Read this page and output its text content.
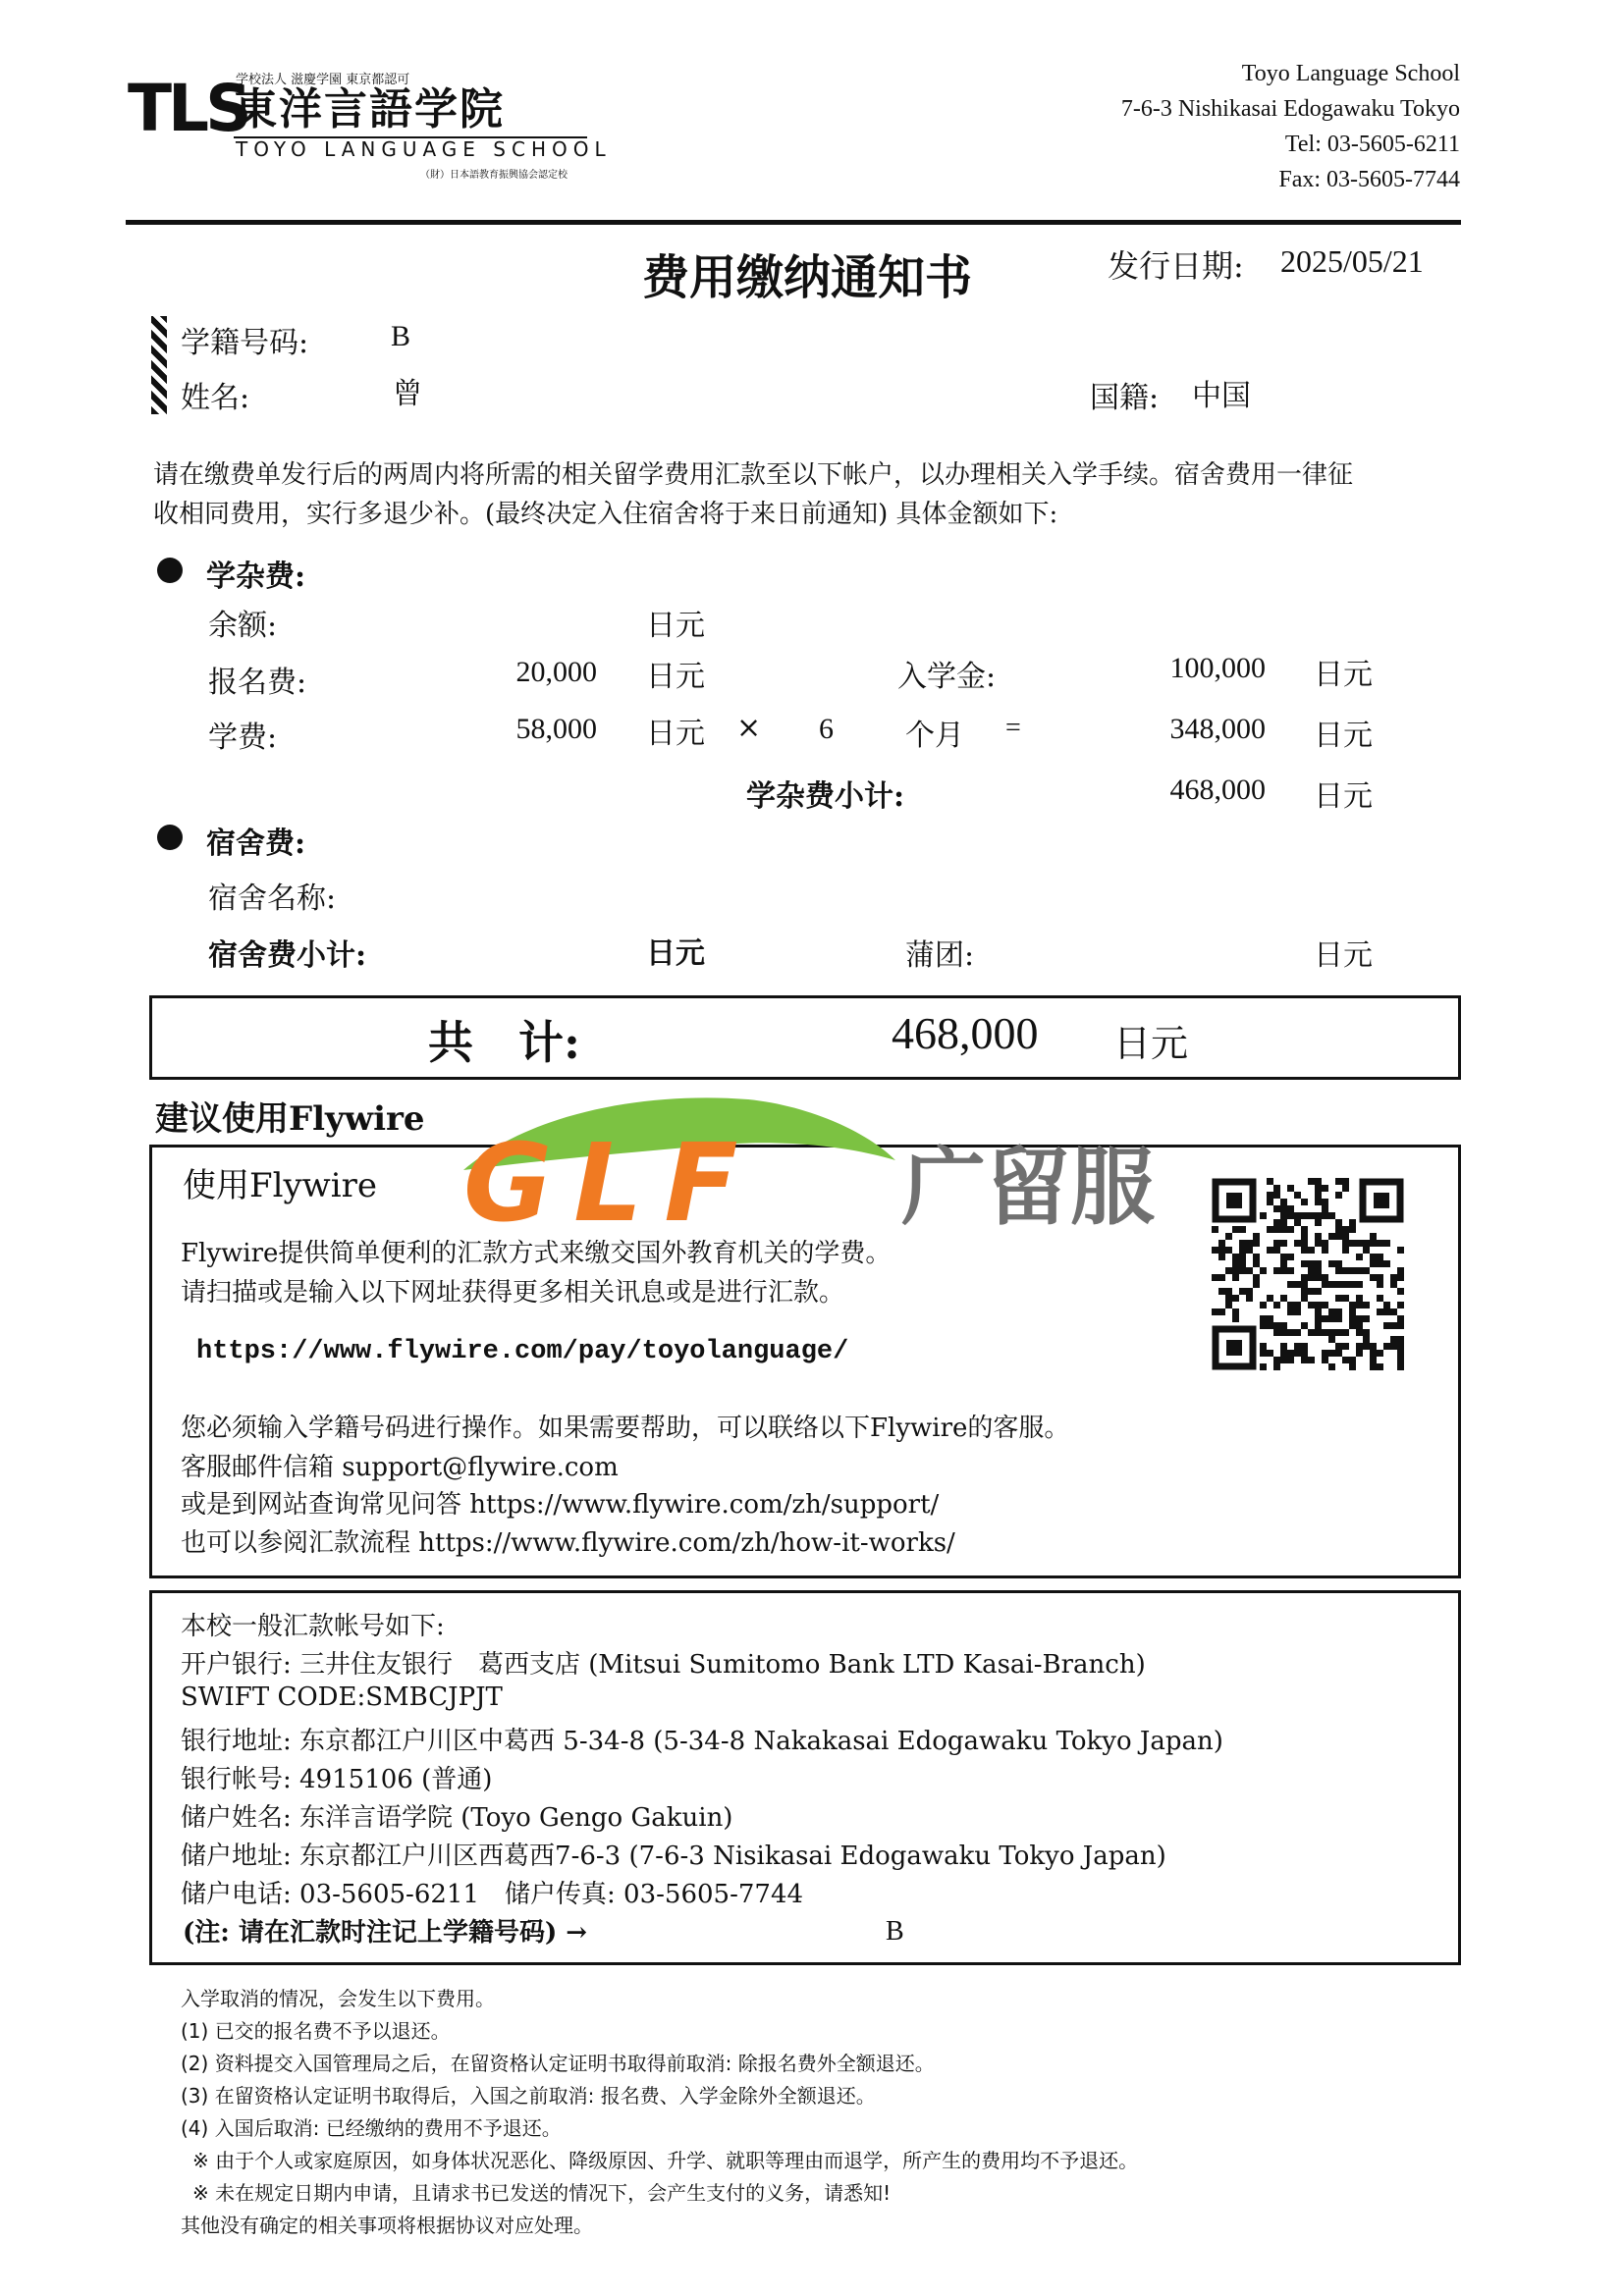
TLS
学校法人 滋慶学園 東京都認可
東洋言語学院
TOYO LANGUAGE SCHOOL
（財）日本語教育振興協会認定校
Toyo Language School
7-6-3 Nishikasai Edogawaku Tokyo
Tel: 03-5605-6211
Fax: 03-5605-7744
费用缴纳通知书	发行日期: 2025/05/21
学籍号码:	B
姓名:	曾	国籍: 中国
请在缴费单发行后的两周内将所需的相关留学费用汇款至以下帐户，以办理相关入学手续。宿舍费用一律征
收相同费用，实行多退少补。(最终决定入住宿舍将于来日前通知) 具体金额如下:
学杂费:
余额:	日元
报名费:	20,000 日元	入学金:	100,000 日元
学费:	58,000 日元 × 6 个月 =	348,000 日元
学杂费小计:	468,000 日元
宿舍费:
宿舍名称:
宿舍费小计:	日元	蒲团:	日元
共　计:	468,000 日元
建议使用Flywire
使用Flywire
Flywire提供简单便利的汇款方式来缴交国外教育机关的学费。
请扫描或是输入以下网址获得更多相关讯息或是进行汇款。
https://www.flywire.com/pay/toyolanguage/
您必须输入学籍号码进行操作。如果需要帮助，可以联络以下Flywire的客服。
客服邮件信箱 support@flywire.com
或是到网站查询常见问答 https://www.flywire.com/zh/support/
也可以参阅汇款流程 https://www.flywire.com/zh/how-it-works/
GLF 广留服
本校一般汇款帐号如下:
开户银行: 三井住友银行　葛西支店 (Mitsui Sumitomo Bank LTD Kasai-Branch)
SWIFT CODE:SMBCJPJT
银行地址: 东京都江户川区中葛西 5-34-8 (5-34-8 Nakakasai Edogawaku Tokyo Japan)
银行帐号: 4915106 (普通)
储户姓名: 东洋言语学院 (Toyo Gengo Gakuin)
储户地址: 东京都江户川区西葛西7-6-3 (7-6-3 Nisikasai Edogawaku Tokyo Japan)
储户电话: 03-5605-6211　储户传真: 03-5605-7744
(注: 请在汇款时注记上学籍号码) →	B
入学取消的情况，会发生以下费用。
(1) 已交的报名费不予以退还。
(2) 资料提交入国管理局之后，在留资格认定证明书取得前取消: 除报名费外全额退还。
(3) 在留资格认定证明书取得后，入国之前取消: 报名费、入学金除外全额退还。
(4) 入国后取消: 已经缴纳的费用不予退还。
※ 由于个人或家庭原因，如身体状况恶化、降级原因、升学、就职等理由而退学，所产生的费用均不予退还。
※ 未在规定日期内申请，且请求书已发送的情况下，会产生支付的义务，请悉知!
其他没有确定的相关事项将根据协议对应处理。
